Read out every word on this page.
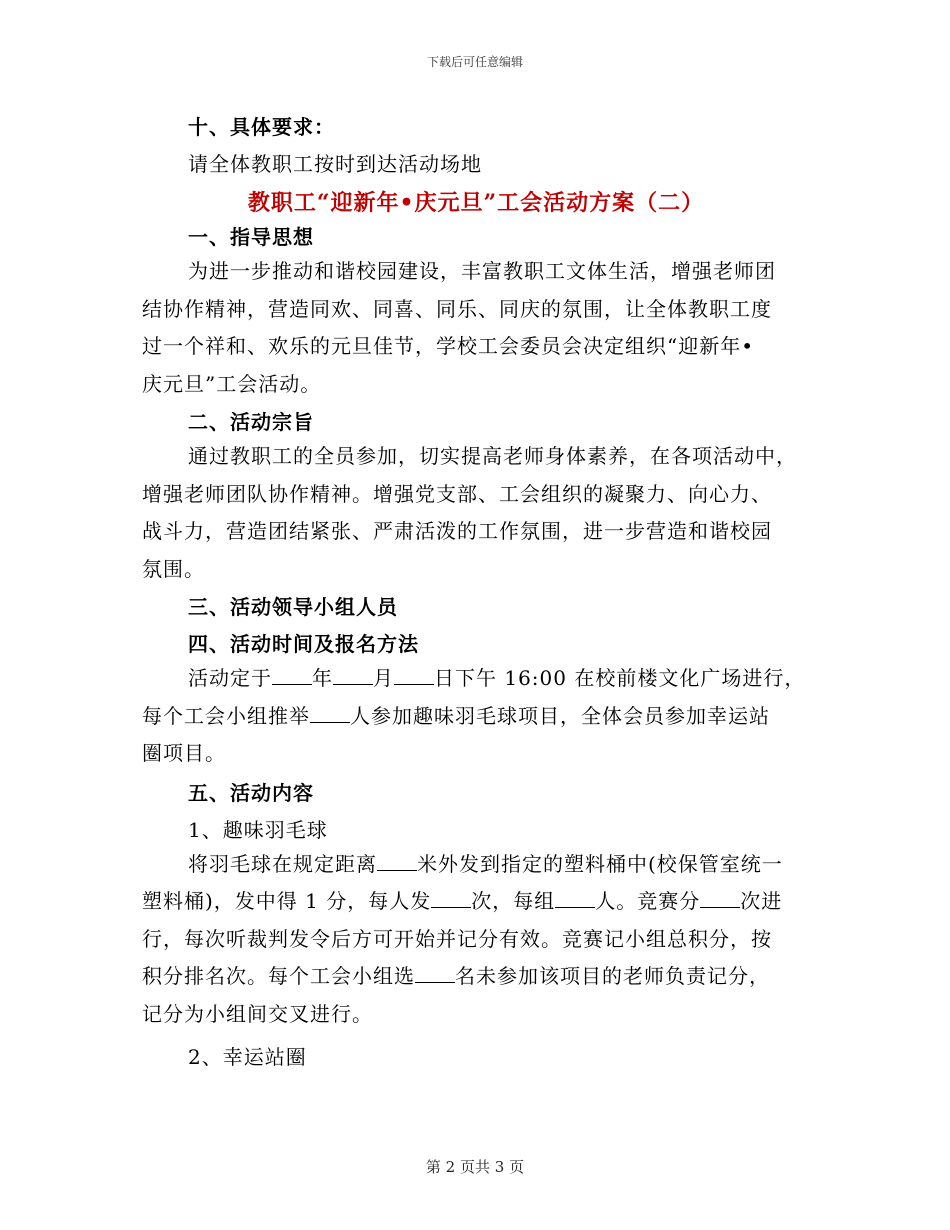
下载后可任意编辑
十、具体要求：
请全体教职工按时到达活动场地
教职工“迎新年•庆元旦”工会活动方案（二）
一、指导思想
为进一步推动和谐校园建设，丰富教职工文体生活，增强老师团
结协作精神，营造同欢、同喜、同乐、同庆的氛围，让全体教职工度
过一个祥和、欢乐的元旦佳节，学校工会委员会决定组织“迎新年•
庆元旦”工会活动。
二、活动宗旨
通过教职工的全员参加，切实提高老师身体素养，在各项活动中，
增强老师团队协作精神。增强党支部、工会组织的凝聚力、向心力、
战斗力，营造团结紧张、严肃活泼的工作氛围，进一步营造和谐校园
氛围。
三、活动领导小组人员
四、活动时间及报名方法
活动定于 年 月 日下午 16:00 在校前楼文化广场进行，
每个工会小组推举 人参加趣味羽毛球项目，全体会员参加幸运站
圈项目。
五、活动内容
1、趣味羽毛球
将羽毛球在规定距离 米外发到指定的塑料桶中(校保管室统一
塑料桶)，发中得 1 分，每人发 次，每组 人。竞赛分 次进
行，每次听裁判发令后方可开始并记分有效。竞赛记小组总积分，按
积分排名次。每个工会小组选 名未参加该项目的老师负责记分，
记分为小组间交叉进行。
2、幸运站圈
第 2 页共 3 页
